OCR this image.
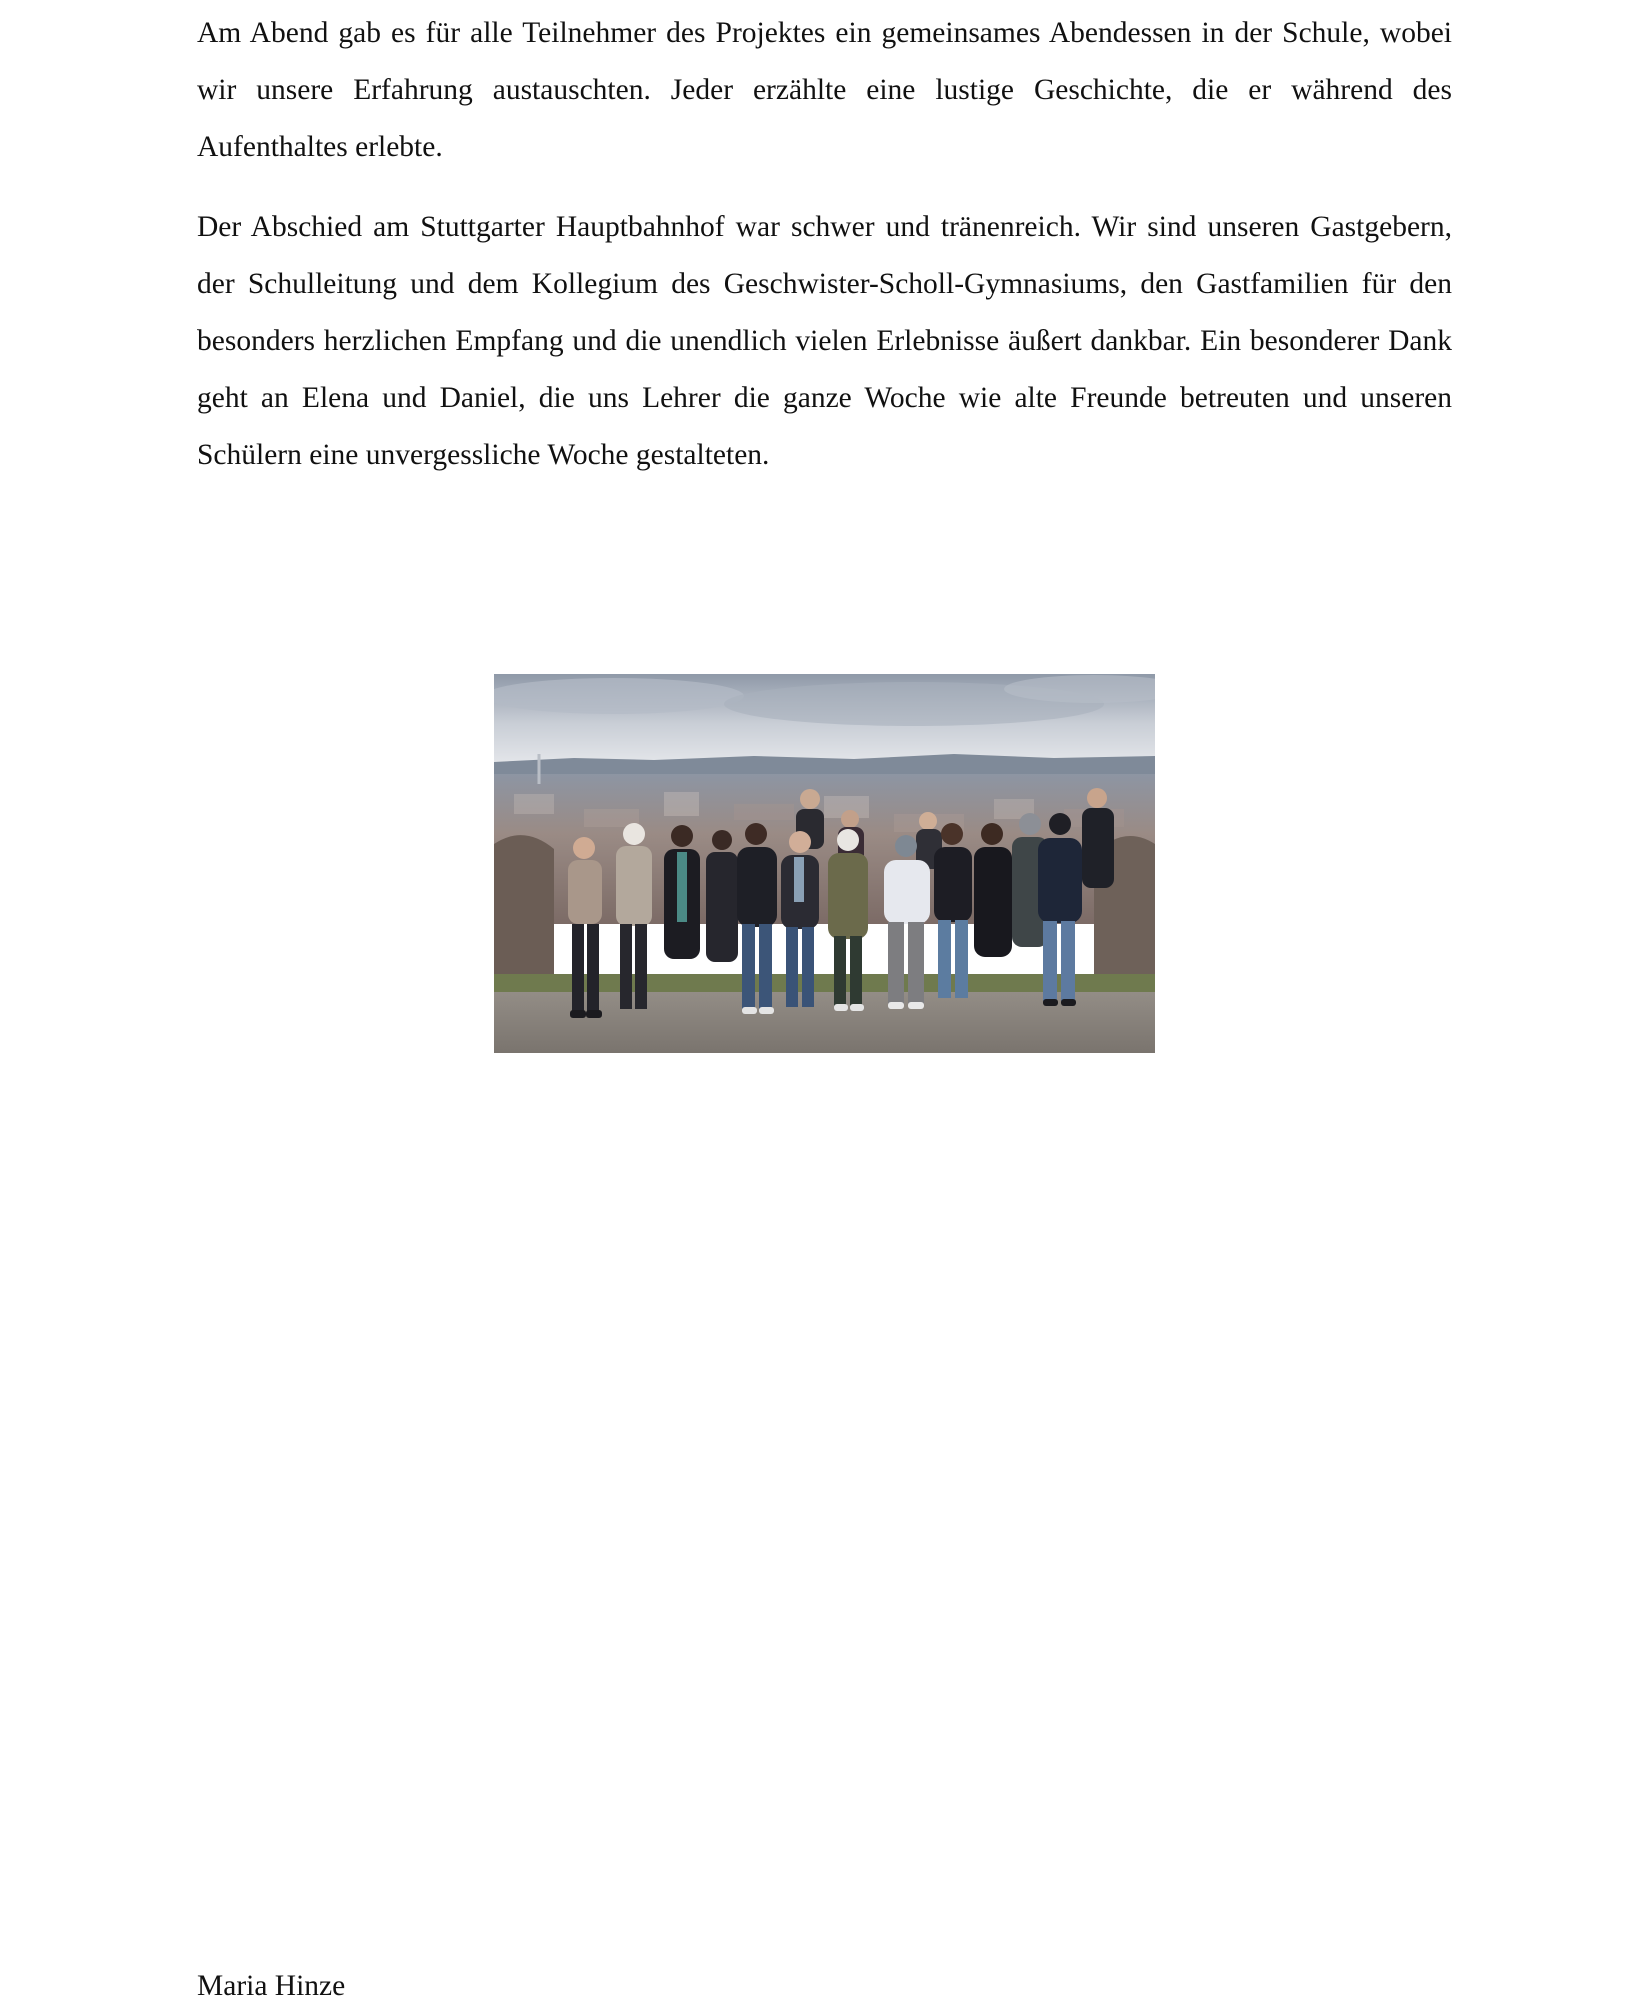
Am Abend gab es für alle Teilnehmer des Projektes ein gemeinsames Abendessen in der Schule, wobei wir unsere Erfahrung austauschten. Jeder erzählte eine lustige Geschichte, die er während des Aufenthaltes erlebte.

Der Abschied am Stuttgarter Hauptbahnhof war schwer und tränenreich. Wir sind unseren Gastgebern, der Schulleitung und dem Kollegium des Geschwister-Scholl-Gymnasiums, den Gastfamilien für den besonders herzlichen Empfang und die unendlich vielen Erlebnisse äußert dankbar. Ein besonderer Dank geht an Elena und Daniel, die uns Lehrer die ganze Woche wie alte Freunde betreuten und unseren Schülern eine unvergessliche Woche gestalteten.

Maria Hinze
